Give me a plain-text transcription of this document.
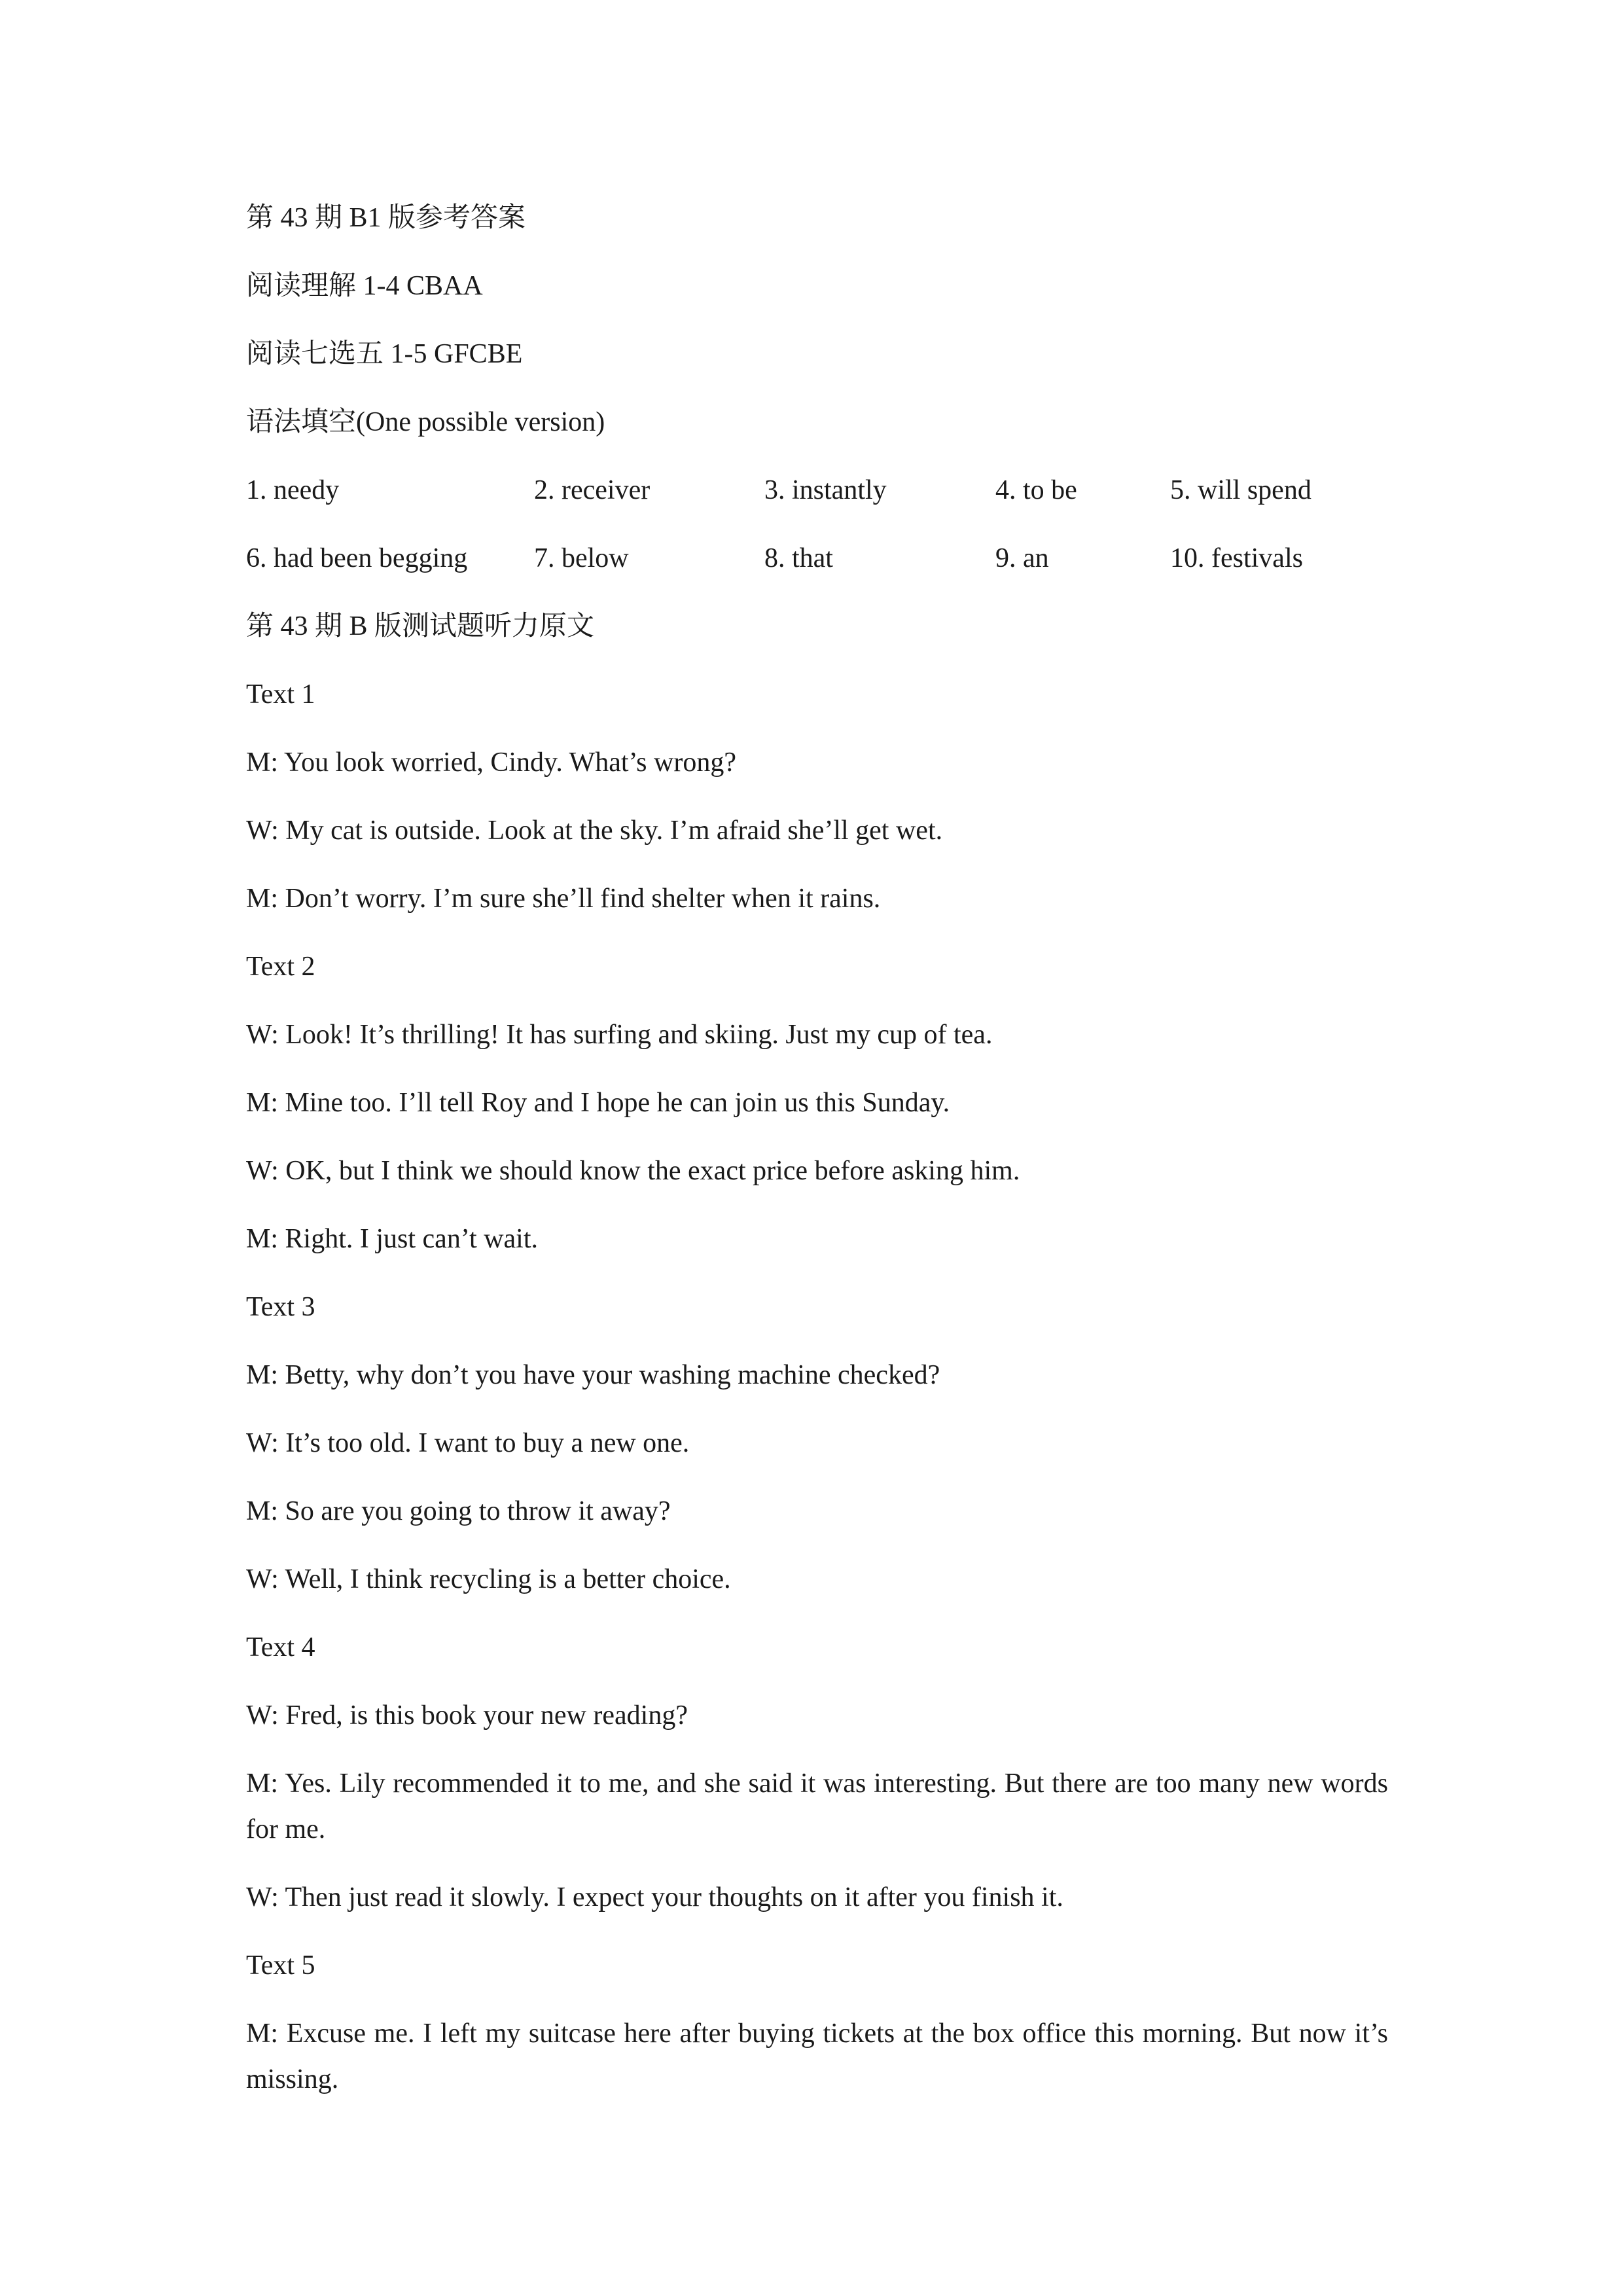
第 43 期 B1 版参考答案
阅读理解 1-4 CBAA
阅读七选五 1-5 GFCBE
语法填空(One possible version)
1. needy	2. receiver	3. instantly	4. to be	5. will spend
6. had been begging 7. below	8. that	9. an	10. festivals
第 43 期 B 版测试题听力原文
Text 1
M: You look worried, Cindy. What’s wrong?
W: My cat is outside. Look at the sky. I’m afraid she’ll get wet.
M: Don’t worry. I’m sure she’ll find shelter when it rains.
Text 2
W: Look! It’s thrilling! It has surfing and skiing. Just my cup of tea.
M: Mine too. I’ll tell Roy and I hope he can join us this Sunday.
W: OK, but I think we should know the exact price before asking him.
M: Right. I just can’t wait.
Text 3
M: Betty, why don’t you have your washing machine checked?
W: It’s too old. I want to buy a new one.
M: So are you going to throw it away?
W: Well, I think recycling is a better choice.
Text 4
W: Fred, is this book your new reading?
M: Yes. Lily recommended it to me, and she said it was interesting. But there are too many new words for me.
W: Then just read it slowly. I expect your thoughts on it after you finish it.
Text 5
M: Excuse me. I left my suitcase here after buying tickets at the box office this morning. But now it’s missing.
